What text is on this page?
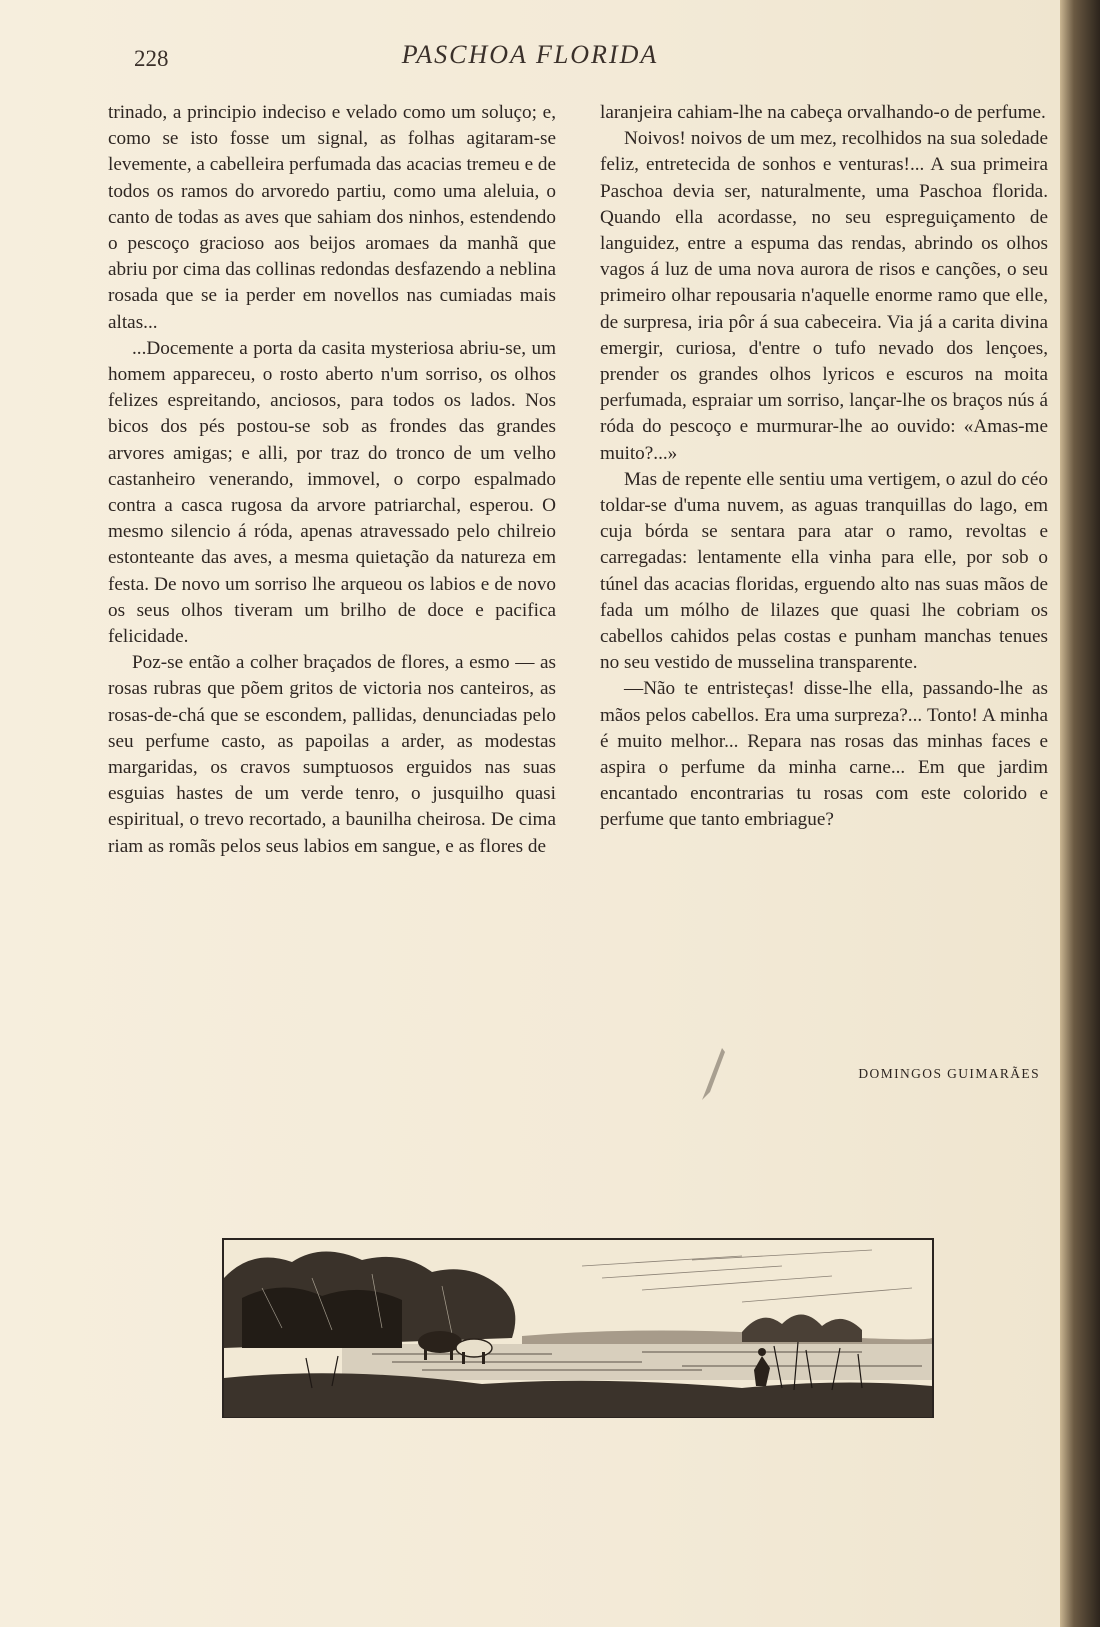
228	PASCHOA FLORIDA

trinado, a principio indeciso e velado como um soluço; e, como se isto fosse um signal, as folhas agitaram-se levemente, a cabelleira perfumada das acacias tremeu e de todos os ramos do arvoredo partiu, como uma aleluia, o canto de todas as aves que sahiam dos ninhos, estendendo o pescoço gracioso aos beijos aromaes da manhã que abriu por cima das collinas redondas desfazendo a neblina rosada que se ia perder em novellos nas cumiadas mais altas...

...Docemente a porta da casita mysteriosa abriu-se, um homem appareceu, o rosto aberto n'um sorriso, os olhos felizes espreitando, anciosos, para todos os lados. Nos bicos dos pés postou-se sob as frondes das grandes arvores amigas; e alli, por traz do tronco de um velho castanheiro venerando, immovel, o corpo espalmado contra a casca rugosa da arvore patriarchal, esperou. O mesmo silencio á róda, apenas atravessado pelo chilreio estonteante das aves, a mesma quietação da natureza em festa. De novo um sorriso lhe arqueou os labios e de novo os seus olhos tiveram um brilho de doce e pacifica felicidade.

Poz-se então a colher braçados de flores, a esmo — as rosas rubras que põem gritos de victoria nos canteiros, as rosas-de-chá que se escondem, pallidas, denunciadas pelo seu perfume casto, as papoilas a arder, as modestas margaridas, os cravos sumptuosos erguidos nas suas esguias hastes de um verde tenro, o jusquilho quasi espiritual, o trevo recortado, a baunilha cheirosa. De cima riam as romãs pelos seus labios em sangue, e as flores de

laranjeira cahiam-lhe na cabeça orvalhando-o de perfume.

Noivos! noivos de um mez, recolhidos na sua soledade feliz, entretecida de sonhos e venturas!... A sua primeira Paschoa devia ser, naturalmente, uma Paschoa florida. Quando ella acordasse, no seu espreguiçamento de languidez, entre a espuma das rendas, abrindo os olhos vagos á luz de uma nova aurora de risos e canções, o seu primeiro olhar repousaria n'aquelle enorme ramo que elle, de surpresa, iria pôr á sua cabeceira. Via já a carita divina emergir, curiosa, d'entre o tufo nevado dos lençoes, prender os grandes olhos lyricos e escuros na moita perfumada, espraiar um sorriso, lançar-lhe os braços nús á róda do pescoço e murmurar-lhe ao ouvido: «Amas-me muito?...»

Mas de repente elle sentiu uma vertigem, o azul do céo toldar-se d'uma nuvem, as aguas tranquillas do lago, em cuja bórda se sentara para atar o ramo, revoltas e carregadas: lentamente ella vinha para elle, por sob o túnel das acacias floridas, erguendo alto nas suas mãos de fada um mólho de lilazes que quasi lhe cobriam os cabellos cahidos pelas costas e punham manchas tenues no seu vestido de musselina transparente.

—Não te entristeças! disse-lhe ella, passando-lhe as mãos pelos cabellos. Era uma surpreza?... Tonto! A minha é muito melhor... Repara nas rosas das minhas faces e aspira o perfume da minha carne... Em que jardim encantado encontrarias tu rosas com este colorido e perfume que tanto embriague?

DOMINGOS GUIMARÃES
